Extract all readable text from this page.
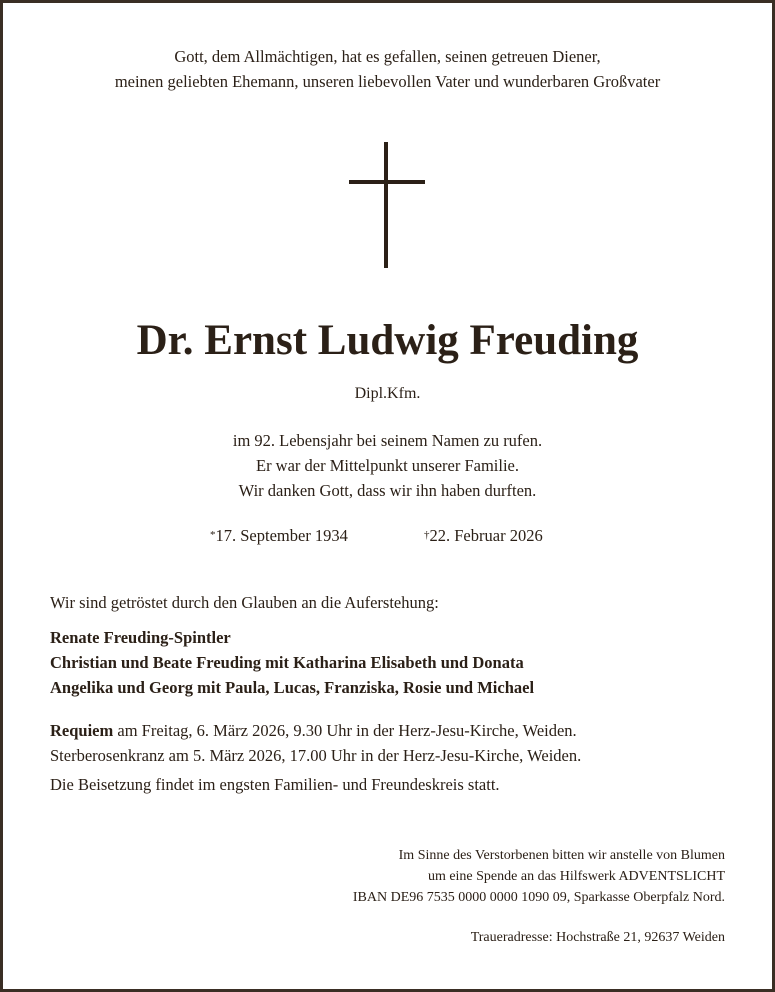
Gott, dem Allmächtigen, hat es gefallen, seinen getreuen Diener,
meinen geliebten Ehemann, unseren liebevollen Vater und wunderbaren Großvater
Dr. Ernst Ludwig Freuding
Dipl.Kfm.
im 92. Lebensjahr bei seinem Namen zu rufen.
Er war der Mittelpunkt unserer Familie.
Wir danken Gott, dass wir ihn haben durften.
*17. September 1934	†22. Februar 2026
Wir sind getröstet durch den Glauben an die Auferstehung:
Renate Freuding-Spintler
Christian und Beate Freuding mit Katharina Elisabeth und Donata
Angelika und Georg mit Paula, Lucas, Franziska, Rosie und Michael
Requiem am Freitag, 6. März 2026, 9.30 Uhr in der Herz-Jesu-Kirche, Weiden.
Sterberosenkranz am 5. März 2026, 17.00 Uhr in der Herz-Jesu-Kirche, Weiden.
Die Beisetzung findet im engsten Familien- und Freundeskreis statt.
Im Sinne des Verstorbenen bitten wir anstelle von Blumen
um eine Spende an das Hilfswerk ADVENTSLICHT
IBAN DE96 7535 0000 0000 1090 09, Sparkasse Oberpfalz Nord.
Traueradresse: Hochstraße 21, 92637 Weiden
